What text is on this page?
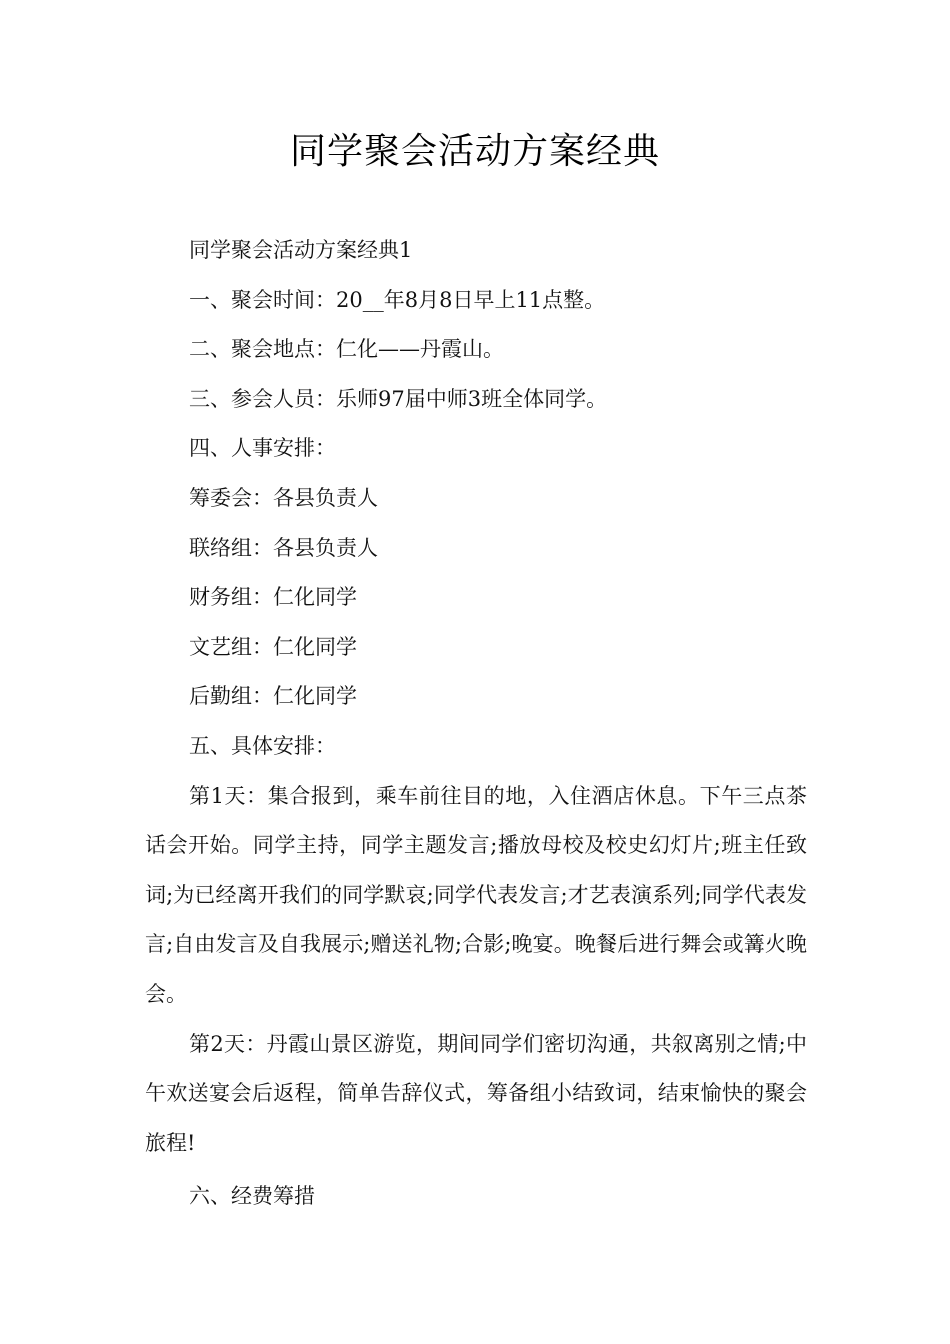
同学聚会活动方案经典

同学聚会活动方案经典1

一、聚会时间：20__年8月8日早上11点整。

二、聚会地点：仁化——丹霞山。

三、参会人员：乐师97届中师3班全体同学。

四、人事安排：

筹委会：各县负责人

联络组：各县负责人

财务组：仁化同学

文艺组：仁化同学

后勤组：仁化同学

五、具体安排：

第1天：集合报到，乘车前往目的地，入住酒店休息。下午三点茶话会开始。同学主持，同学主题发言;播放母校及校史幻灯片;班主任致词;为已经离开我们的同学默哀;同学代表发言;才艺表演系列;同学代表发言;自由发言及自我展示;赠送礼物;合影;晚宴。晚餐后进行舞会或篝火晚会。

第2天：丹霞山景区游览，期间同学们密切沟通，共叙离别之情;中午欢送宴会后返程，简单告辞仪式，筹备组小结致词，结束愉快的聚会旅程!

六、经费筹措
